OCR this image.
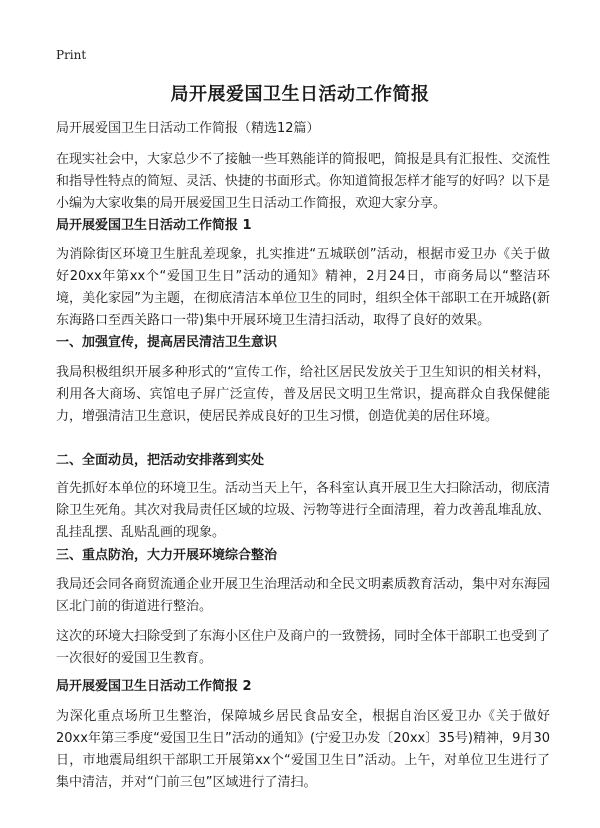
Print
局开展爱国卫生日活动工作简报
局开展爱国卫生日活动工作简报（精选12篇）
在现实社会中，大家总少不了接触一些耳熟能详的简报吧，简报是具有汇报性、交流性和指导性特点的简短、灵活、快捷的书面形式。你知道简报怎样才能写的好吗？以下是小编为大家收集的局开展爱国卫生日活动工作简报，欢迎大家分享。
局开展爱国卫生日活动工作简报 1
为消除街区环境卫生脏乱差现象，扎实推进“五城联创”活动，根据市爱卫办《关于做好20xx年第xx个“爱国卫生日”活动的通知》精神，2月24日，市商务局以“整洁环境，美化家园”为主题，在彻底清洁本单位卫生的同时，组织全体干部职工在开城路(新东海路口至西关路口一带)集中开展环境卫生清扫活动，取得了良好的效果。
一、加强宣传，提高居民清洁卫生意识
我局积极组织开展多种形式的“宣传工作，给社区居民发放关于卫生知识的相关材料，利用各大商场、宾馆电子屏广泛宣传，普及居民文明卫生常识，提高群众自我保健能力，增强清洁卫生意识，使居民养成良好的卫生习惯，创造优美的居住环境。
二、全面动员，把活动安排落到实处
首先抓好本单位的环境卫生。活动当天上午，各科室认真开展卫生大扫除活动，彻底清除卫生死角。其次对我局责任区域的垃圾、污物等进行全面清理，着力改善乱堆乱放、乱挂乱摆、乱贴乱画的现象。
三、重点防治，大力开展环境综合整治
我局还会同各商贸流通企业开展卫生治理活动和全民文明素质教育活动，集中对东海园区北门前的街道进行整治。
这次的环境大扫除受到了东海小区住户及商户的一致赞扬，同时全体干部职工也受到了一次很好的爱国卫生教育。
局开展爱国卫生日活动工作简报 2
为深化重点场所卫生整治，保障城乡居民食品安全，根据自治区爱卫办《关于做好20xx年第三季度“爱国卫生日”活动的通知》(宁爱卫办发〔20xx〕35号)精神，9月30日，市地震局组织干部职工开展第xx个“爱国卫生日”活动。上午，对单位卫生进行了集中清洁，并对“门前三包”区域进行了清扫。
